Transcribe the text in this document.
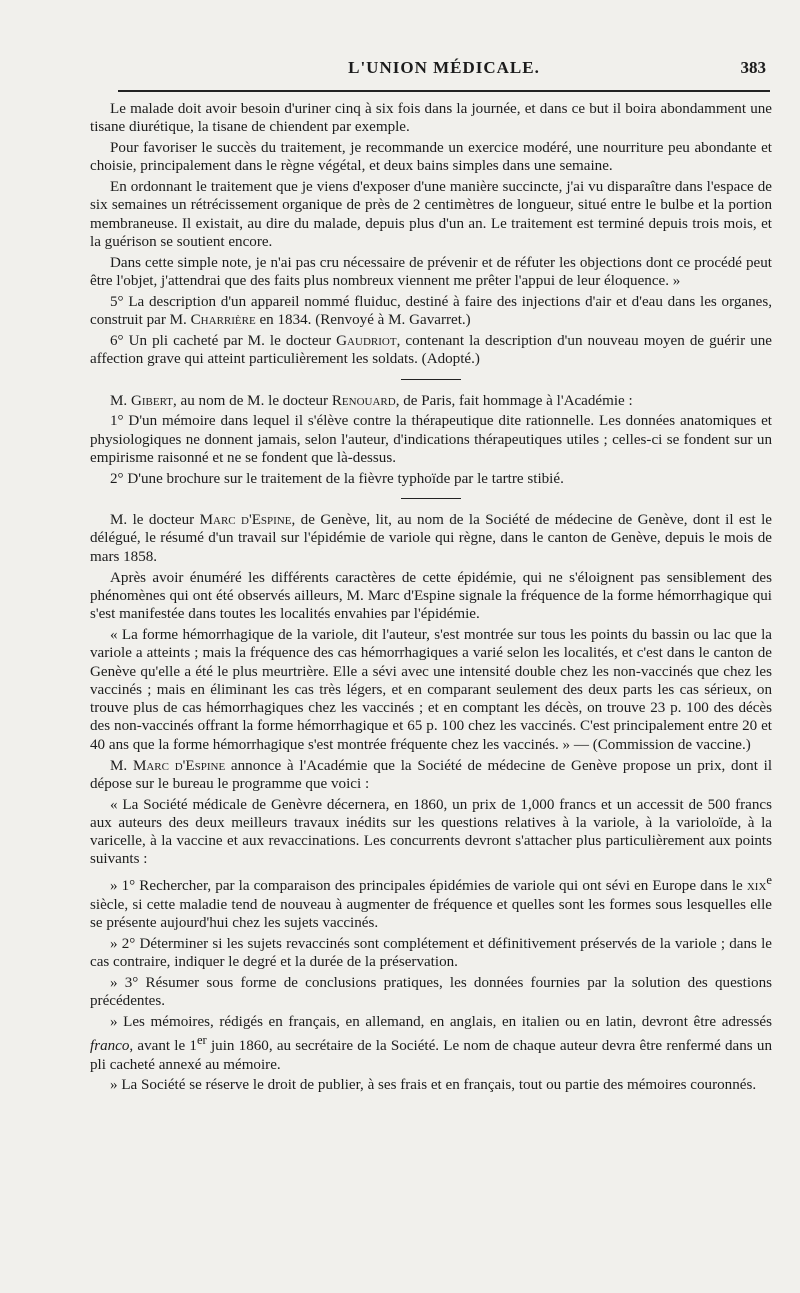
L'UNION MÉDICALE.	383

Le malade doit avoir besoin d'uriner cinq à six fois dans la journée, et dans ce but il boira abondamment une tisane diurétique, la tisane de chiendent par exemple.

Pour favoriser le succès du traitement, je recommande un exercice modéré, une nourriture peu abondante et choisie, principalement dans le règne végétal, et deux bains simples dans une semaine.

En ordonnant le traitement que je viens d'exposer d'une manière succincte, j'ai vu disparaître dans l'espace de six semaines un rétrécissement organique de près de 2 centimètres de longueur, situé entre le bulbe et la portion membraneuse. Il existait, au dire du malade, depuis plus d'un an. Le traitement est terminé depuis trois mois, et la guérison se soutient encore.

Dans cette simple note, je n'ai pas cru nécessaire de prévenir et de réfuter les objections dont ce procédé peut être l'objet, j'attendrai que des faits plus nombreux viennent me prêter l'appui de leur éloquence. »

5° La description d'un appareil nommé fluiduc, destiné à faire des injections d'air et d'eau dans les organes, construit par M. Charrière en 1834. (Renvoyé à M. Gavarret.)

6° Un pli cacheté par M. le docteur Gaudriot, contenant la description d'un nouveau moyen de guérir une affection grave qui atteint particulièrement les soldats. (Adopté.)

M. Gibert, au nom de M. le docteur Renouard, de Paris, fait hommage à l'Académie :

1° D'un mémoire dans lequel il s'élève contre la thérapeutique dite rationnelle. Les données anatomiques et physiologiques ne donnent jamais, selon l'auteur, d'indications thérapeutiques utiles ; celles-ci se fondent sur un empirisme raisonné et ne se fondent que là-dessus.

2° D'une brochure sur le traitement de la fièvre typhoïde par le tartre stibié.

M. le docteur Marc d'Espine, de Genève, lit, au nom de la Société de médecine de Genève, dont il est le délégué, le résumé d'un travail sur l'épidémie de variole qui règne, dans le canton de Genève, depuis le mois de mars 1858.

Après avoir énuméré les différents caractères de cette épidémie, qui ne s'éloignent pas sensiblement des phénomènes qui ont été observés ailleurs, M. Marc d'Espine signale la fréquence de la forme hémorrhagique qui s'est manifestée dans toutes les localités envahies par l'épidémie.

« La forme hémorrhagique de la variole, dit l'auteur, s'est montrée sur tous les points du bassin ou lac que la variole a atteints ; mais la fréquence des cas hémorrhagiques a varié selon les localités, et c'est dans le canton de Genève qu'elle a été le plus meurtrière. Elle a sévi avec une intensité double chez les non-vaccinés que chez les vaccinés ; mais en éliminant les cas très légers, et en comparant seulement des deux parts les cas sérieux, on trouve plus de cas hémorrhagiques chez les vaccinés ; et en comptant les décès, on trouve 23 p. 100 des décès des non-vaccinés offrant la forme hémorrhagique et 65 p. 100 chez les vaccinés. C'est principalement entre 20 et 40 ans que la forme hémorrhagique s'est montrée fréquente chez les vaccinés. » — (Commission de vaccine.)

M. Marc d'Espine annonce à l'Académie que la Société de médecine de Genève propose un prix, dont il dépose sur le bureau le programme que voici :

« La Société médicale de Genèvre décernera, en 1860, un prix de 1,000 francs et un accessit de 500 francs aux auteurs des deux meilleurs travaux inédits sur les questions relatives à la variole, à la varioloïde, à la varicelle, à la vaccine et aux revaccinations. Les concurrents devront s'attacher plus particulièrement aux points suivants :

» 1° Rechercher, par la comparaison des principales épidémies de variole qui ont sévi en Europe dans le xix$^e$ siècle, si cette maladie tend de nouveau à augmenter de fréquence et quelles sont les formes sous lesquelles elle se présente aujourd'hui chez les sujets vaccinés.

» 2° Déterminer si les sujets revaccinés sont complétement et définitivement préservés de la variole ; dans le cas contraire, indiquer le degré et la durée de la préservation.

» 3° Résumer sous forme de conclusions pratiques, les données fournies par la solution des questions précédentes.

» Les mémoires, rédigés en français, en allemand, en anglais, en italien ou en latin, devront être adressés franco, avant le 1er juin 1860, au secrétaire de la Société. Le nom de chaque auteur devra être renfermé dans un pli cacheté annexé au mémoire.

» La Société se réserve le droit de publier, à ses frais et en français, tout ou partie des mémoires couronnés.
